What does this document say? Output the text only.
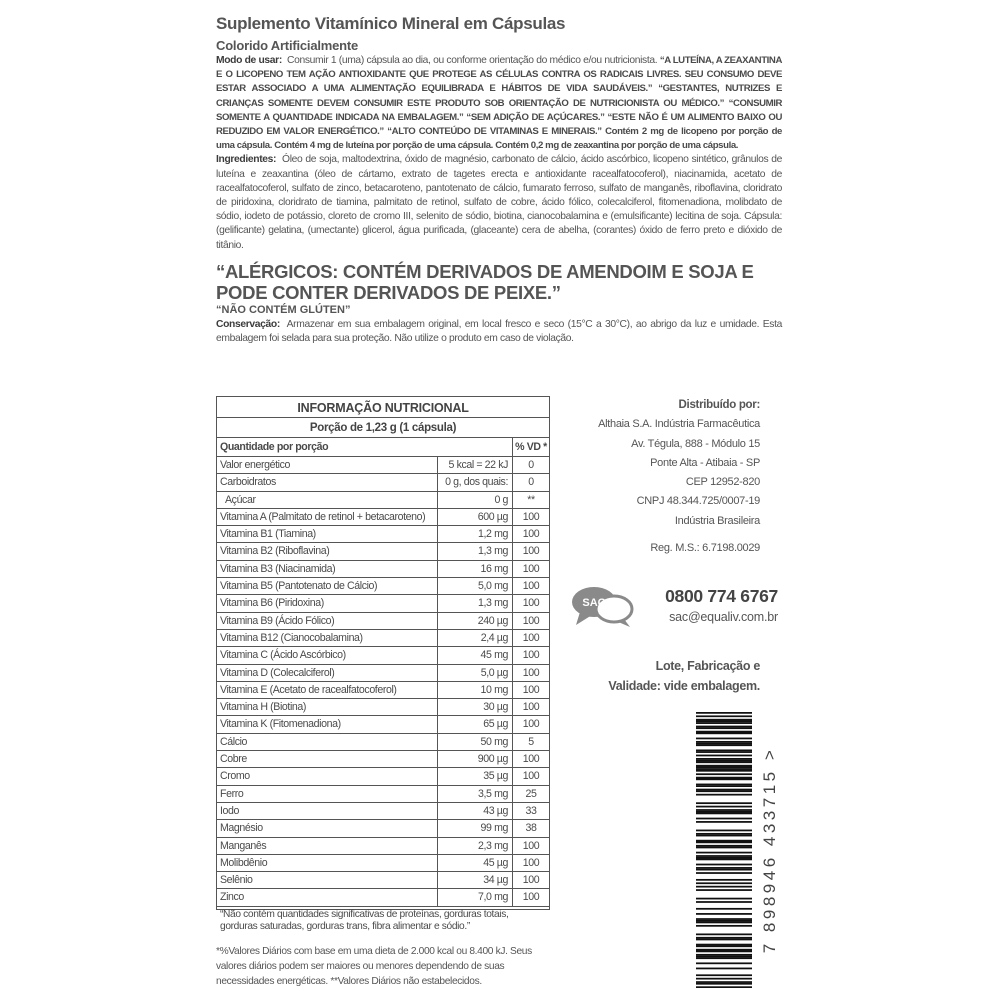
Suplemento Vitamínico Mineral em Cápsulas
Colorido Artificialmente
Modo de usar: Consumir 1 (uma) cápsula ao dia, ou conforme orientação do médico e/ou nutricionista. “A LUTEÍNA, A ZEAXANTINA E O LICOPENO TEM AÇÃO ANTIOXIDANTE QUE PROTEGE AS CÉLULAS CONTRA OS RADICAIS LIVRES. SEU CONSUMO DEVE ESTAR ASSOCIADO A UMA ALIMENTAÇÃO EQUILIBRADA E HÁBITOS DE VIDA SAUDÁVEIS.” “GESTANTES, NUTRIZES E CRIANÇAS SOMENTE DEVEM CONSUMIR ESTE PRODUTO SOB ORIENTAÇÃO DE NUTRICIONISTA OU MÉDICO.” “CONSUMIR SOMENTE A QUANTIDADE INDICADA NA EMBALAGEM.” “SEM ADIÇÃO DE AÇÚCARES.” “ESTE NÃO É UM ALIMENTO BAIXO OU REDUZIDO EM VALOR ENERGÉTICO.” “ALTO CONTEÚDO DE VITAMINAS E MINERAIS.” Contém 2 mg de licopeno por porção de uma cápsula. Contém 4 mg de luteína por porção de uma cápsula. Contém 0,2 mg de zeaxantina por porção de uma cápsula.
Ingredientes: Óleo de soja, maltodextrina, óxido de magnésio, carbonato de cálcio, ácido ascórbico, licopeno sintético, grânulos de luteína e zeaxantina (óleo de cártamo, extrato de tagetes erecta e antioxidante racealfatocoferol), niacinamida, acetato de racealfatocoferol, sulfato de zinco, betacaroteno, pantotenato de cálcio, fumarato ferroso, sulfato de manganês, riboflavina, cloridrato de piridoxina, cloridrato de tiamina, palmitato de retinol, sulfato de cobre, ácido fólico, colecalciferol, fitomenadiona, molibdato de sódio, iodeto de potássio, cloreto de cromo III, selenito de sódio, biotina, cianocobalamina e (emulsificante) lecitina de soja. Cápsula: (gelificante) gelatina, (umectante) glicerol, água purificada, (glaceante) cera de abelha, (corantes) óxido de ferro preto e dióxido de titânio.
“ALÉRGICOS: CONTÉM DERIVADOS DE AMENDOIM E SOJA E PODE CONTER DERIVADOS DE PEIXE.”
“NÃO CONTÉM GLÚTEN”
Conservação: Armazenar em sua embalagem original, em local fresco e seco (15°C a 30°C), ao abrigo da luz e umidade. Esta embalagem foi selada para sua proteção. Não utilize o produto em caso de violação.
INFORMAÇÃO NUTRICIONAL
Porção de 1,23 g (1 cápsula)
Quantidade por porção	% VD *
Valor energético	5 kcal = 22 kJ	0
Carboidratos	0 g, dos quais:	0
Açúcar	0 g	**
Vitamina A (Palmitato de retinol + betacaroteno)	600 µg	100
Vitamina B1 (Tiamina)	1,2 mg	100
Vitamina B2 (Riboflavina)	1,3 mg	100
Vitamina B3 (Niacinamida)	16 mg	100
Vitamina B5 (Pantotenato de Cálcio)	5,0 mg	100
Vitamina B6 (Piridoxina)	1,3 mg	100
Vitamina B9 (Ácido Fólico)	240 µg	100
Vitamina B12 (Cianocobalamina)	2,4 µg	100
Vitamina C (Ácido Ascórbico)	45 mg	100
Vitamina D (Colecalciferol)	5,0 µg	100
Vitamina E (Acetato de racealfatocoferol)	10 mg	100
Vitamina H (Biotina)	30 µg	100
Vitamina K (Fitomenadiona)	65 µg	100
Cálcio	50 mg	5
Cobre	900 µg	100
Cromo	35 µg	100
Ferro	3,5 mg	25
Iodo	43 µg	33
Magnésio	99 mg	38
Manganês	2,3 mg	100
Molibdênio	45 µg	100
Selênio	34 µg	100
Zinco	7,0 mg	100
“Não contém quantidades significativas de proteínas, gorduras totais, gorduras saturadas, gorduras trans, fibra alimentar e sódio.”
*%Valores Diários com base em uma dieta de 2.000 kcal ou 8.400 kJ. Seus valores diários podem ser maiores ou menores dependendo de suas necessidades energéticas. **Valores Diários não estabelecidos.
Distribuído por:
Althaia S.A. Indústria Farmacêutica
Av. Tégula, 888 - Módulo 15
Ponte Alta - Atibaia - SP
CEP 12952-820
CNPJ 48.344.725/0007-19
Indústria Brasileira
Reg. M.S.: 6.7198.0029
SAC	0800 774 6767
sac@equaliv.com.br
Lote, Fabricação e
Validade: vide embalagem.
7 898946 433715 >
